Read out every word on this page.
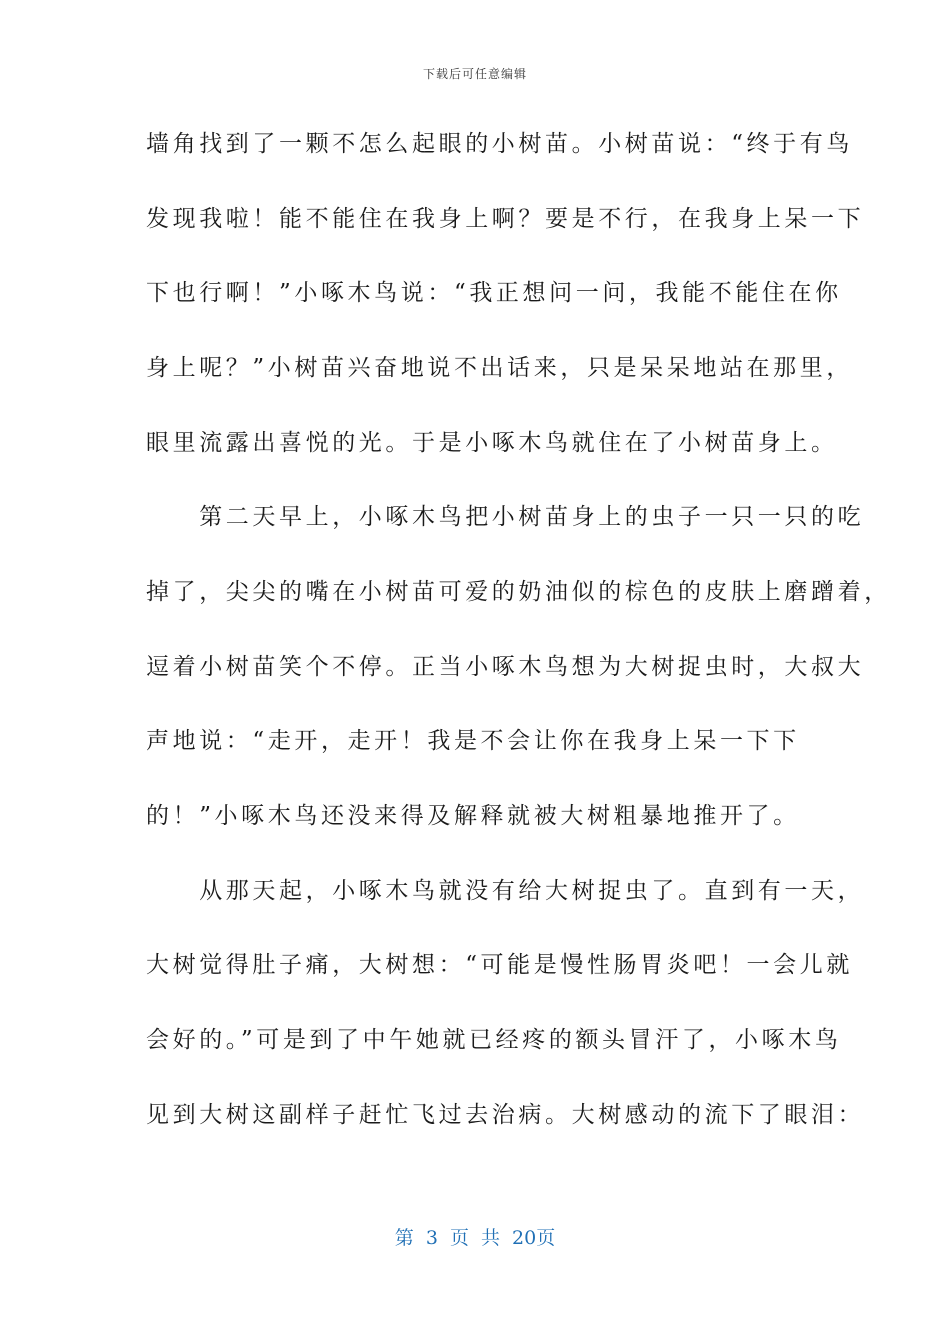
下载后可任意编辑
墙角找到了一颗不怎么起眼的小树苗。小树苗说：“终于有鸟
发现我啦！能不能住在我身上啊？要是不行，在我身上呆一下
下也行啊！”小啄木鸟说：“我正想问一问，我能不能住在你
身上呢？”小树苗兴奋地说不出话来，只是呆呆地站在那里，
眼里流露出喜悦的光。于是小啄木鸟就住在了小树苗身上。
　　第二天早上，小啄木鸟把小树苗身上的虫子一只一只的吃
掉了，尖尖的嘴在小树苗可爱的奶油似的棕色的皮肤上磨蹭着，
逗着小树苗笑个不停。正当小啄木鸟想为大树捉虫时，大叔大
声地说：“走开，走开！我是不会让你在我身上呆一下下
的！”小啄木鸟还没来得及解释就被大树粗暴地推开了。
　　从那天起，小啄木鸟就没有给大树捉虫了。直到有一天，
大树觉得肚子痛，大树想：“可能是慢性肠胃炎吧！一会儿就
会好的。”可是到了中午她就已经疼的额头冒汗了，小啄木鸟
见到大树这副样子赶忙飞过去治病。大树感动的流下了眼泪：
第 3 页 共 20页
